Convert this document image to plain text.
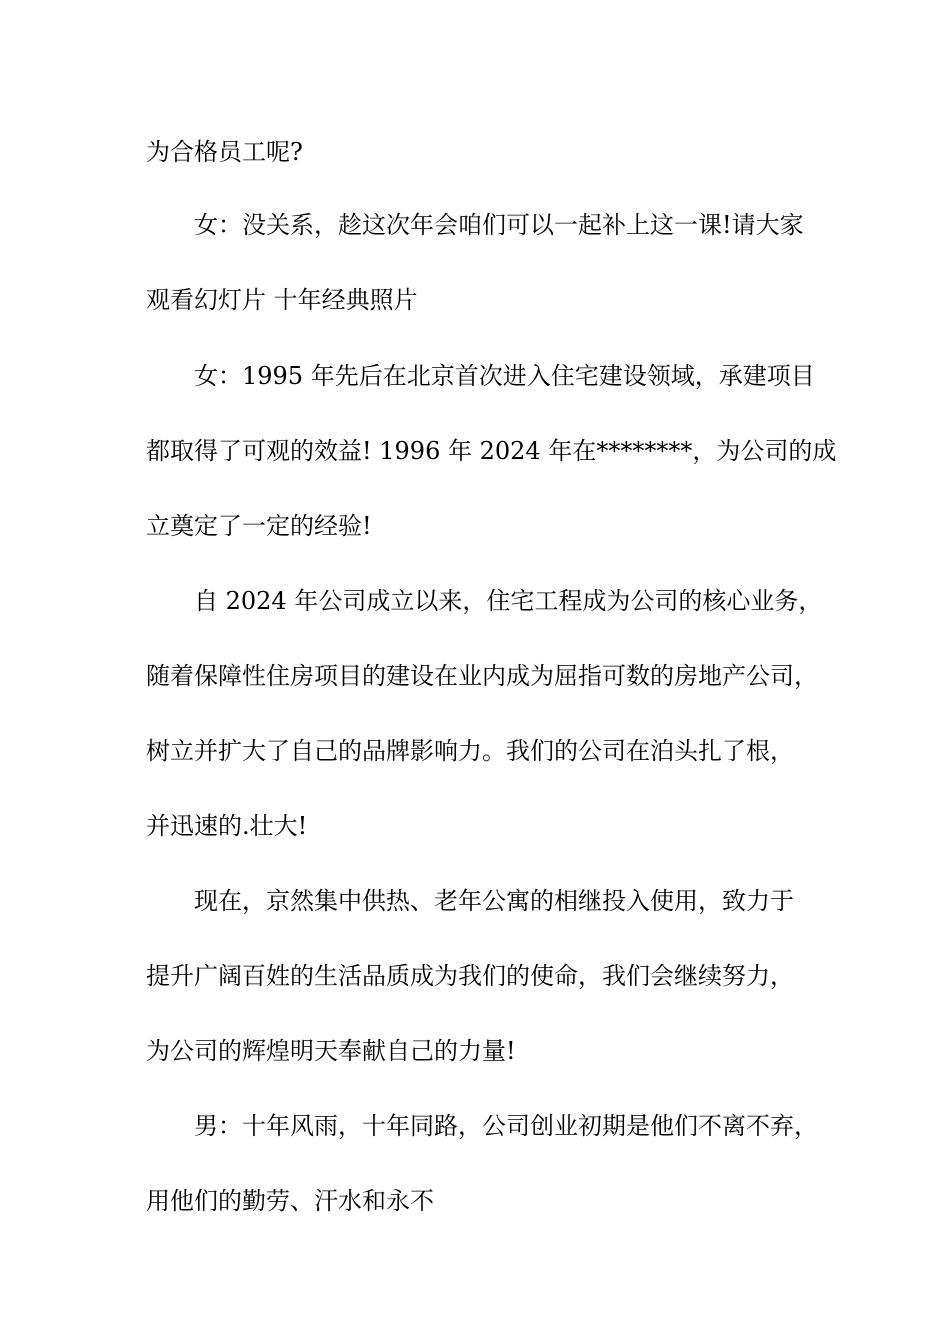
为合格员工呢?
女：没关系，趁这次年会咱们可以一起补上这一课!请大家
观看幻灯片 十年经典照片
女：1995 年先后在北京首次进入住宅建设领域，承建项目
都取得了可观的效益! 1996 年 2024 年在********，为公司的成
立奠定了一定的经验!
自 2024 年公司成立以来，住宅工程成为公司的核心业务，
随着保障性住房项目的建设在业内成为屈指可数的房地产公司，
树立并扩大了自己的品牌影响力。我们的公司在泊头扎了根，
并迅速的.壮大!
现在，京然集中供热、老年公寓的相继投入使用，致力于
提升广阔百姓的生活品质成为我们的使命，我们会继续努力，
为公司的辉煌明天奉献自己的力量!
男：十年风雨，十年同路，公司创业初期是他们不离不弃，
用他们的勤劳、汗水和永不
